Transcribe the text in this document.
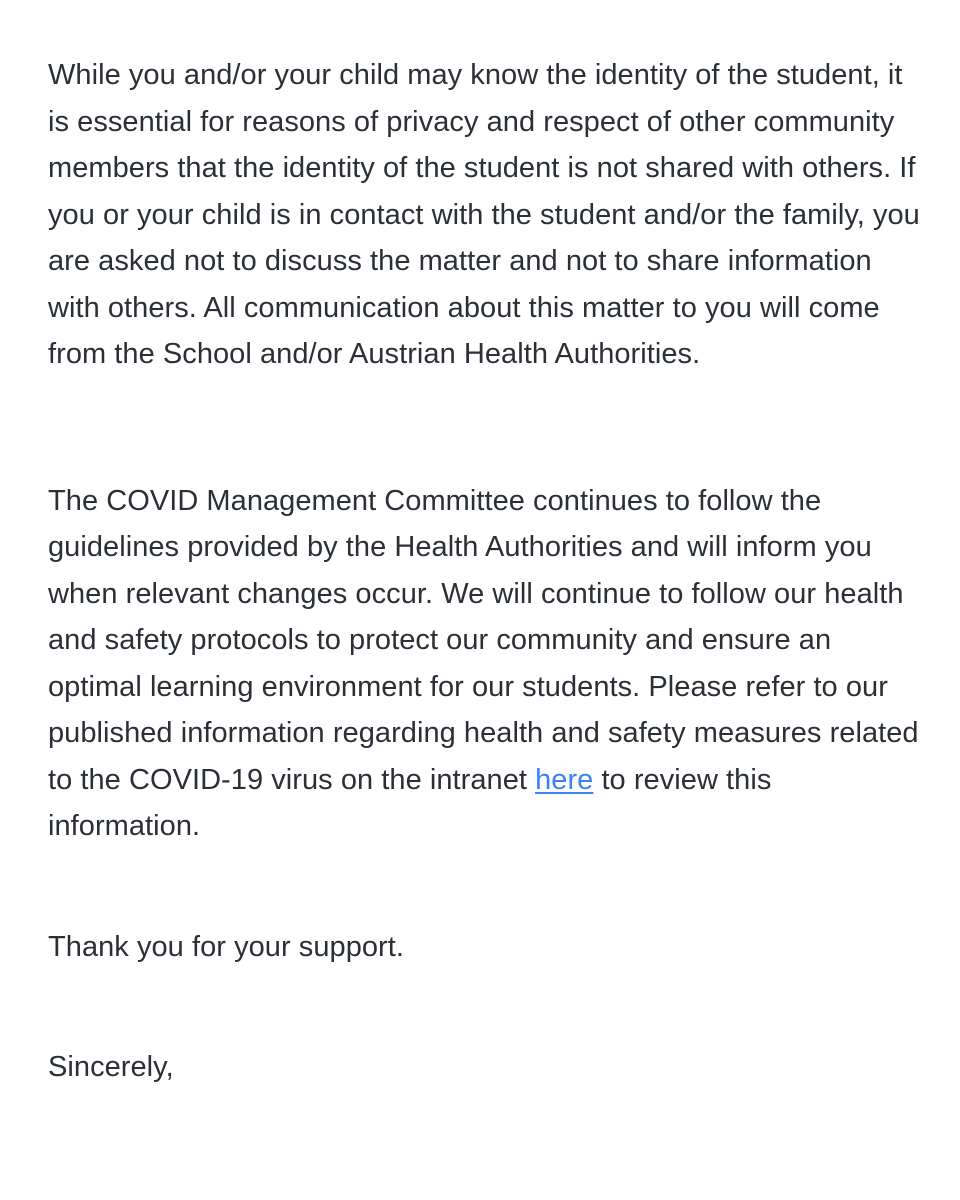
While you and/or your child may know the identity of the student, it is essential for reasons of privacy and respect of other community members that the identity of the student is not shared with others. If you or your child is in contact with the student and/or the family, you are asked not to discuss the matter and not to share information with others. All communication about this matter to you will come from the School and/or Austrian Health Authorities.

The COVID Management Committee continues to follow the guidelines provided by the Health Authorities and will inform you when relevant changes occur. We will continue to follow our health and safety protocols to protect our community and ensure an optimal learning environment for our students. Please refer to our published information regarding health and safety measures related to the COVID-19 virus on the intranet here to review this information.

Thank you for your support.

Sincerely,
